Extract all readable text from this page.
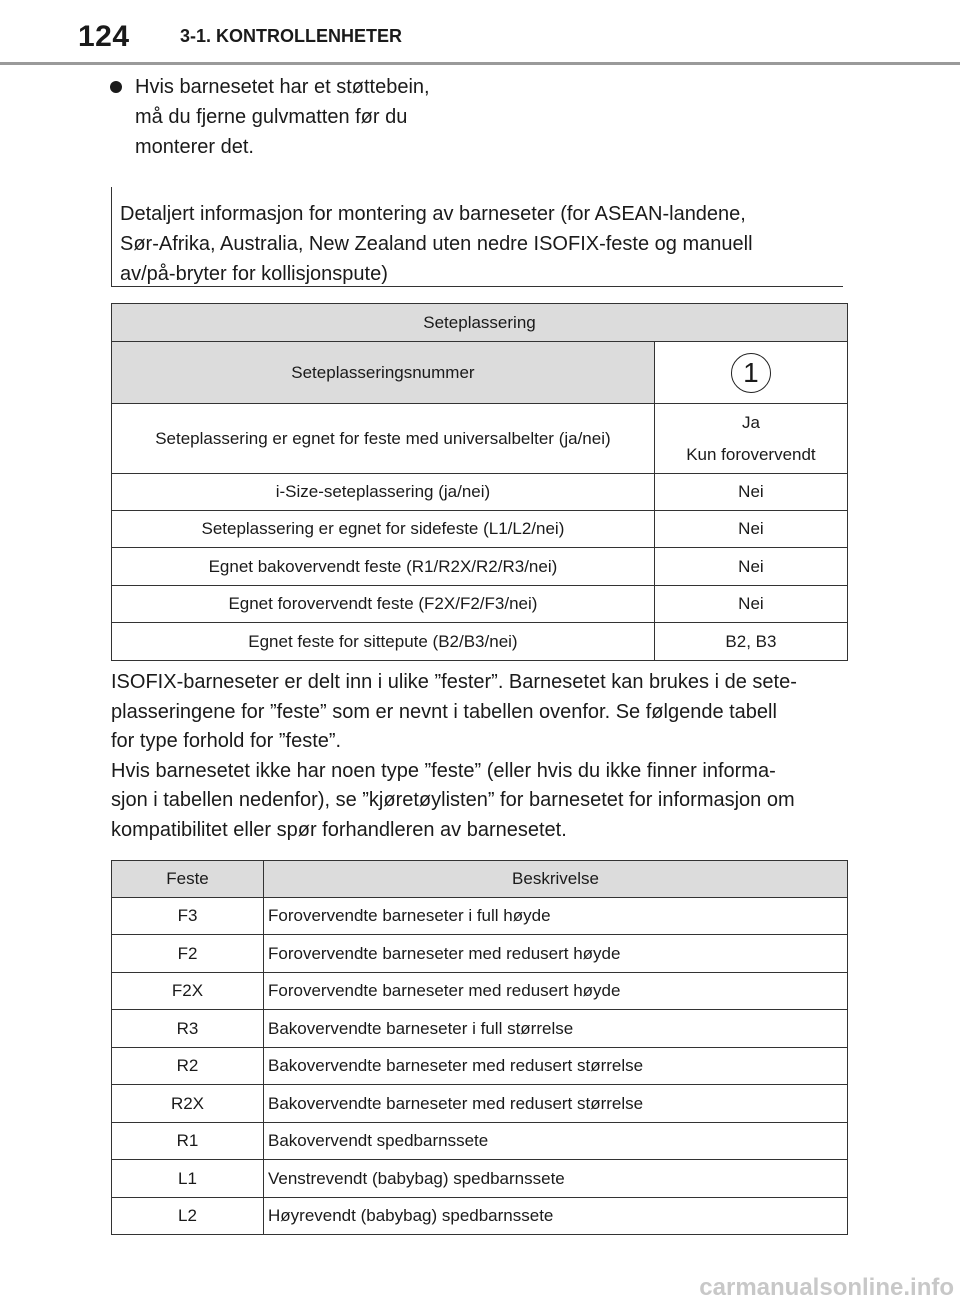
124	3-1. KONTROLLENHETER
Hvis barnesetet har et støttebein,
må du fjerne gulvmatten før du
monterer det.
Detaljert informasjon for montering av barneseter (for ASEAN-landene,
Sør-Afrika, Australia, New Zealand uten nedre ISOFIX-feste og manuell
av/på-bryter for kollisjonspute)
Seteplassering	
Seteplasseringsnummer	1
Seteplassering er egnet for feste med universalbelter (ja/nei)	Ja
Kun forovervendt

i-Size-seteplassering (ja/nei)	Nei
Seteplassering er egnet for sidefeste (L1/L2/nei)	Nei
Egnet bakovervendt feste (R1/R2X/R2/R3/nei)	Nei
Egnet forovervendt feste (F2X/F2/F3/nei)	Nei
Egnet feste for sittepute (B2/B3/nei)	B2, B3

ISOFIX-barneseter er delt inn i ulike ”fester”. Barnesetet kan brukes i de sete-

plasseringene for ”feste” som er nevnt i tabellen ovenfor. Se følgende tabell

for type forhold for ”feste”.

Hvis barnesetet ikke har noen type ”feste” (eller hvis du ikke finner informa-

sjon i tabellen nedenfor), se ”kjøretøylisten” for barnesetet for informasjon om

kompatibilitet eller spør forhandleren av barnesetet.

Feste	Beskrivelse
F3	Forovervendte barneseter i full høyde
F2	Forovervendte barneseter med redusert høyde
F2X	Forovervendte barneseter med redusert høyde
R3	Bakovervendte barneseter i full størrelse
R2	Bakovervendte barneseter med redusert størrelse
R2X	Bakovervendte barneseter med redusert størrelse
R1	Bakovervendt spedbarnssete
L1	Venstrevendt (babybag) spedbarnssete
L2	Høyrevendt (babybag) spedbarnssete
carmanualsonline.info
